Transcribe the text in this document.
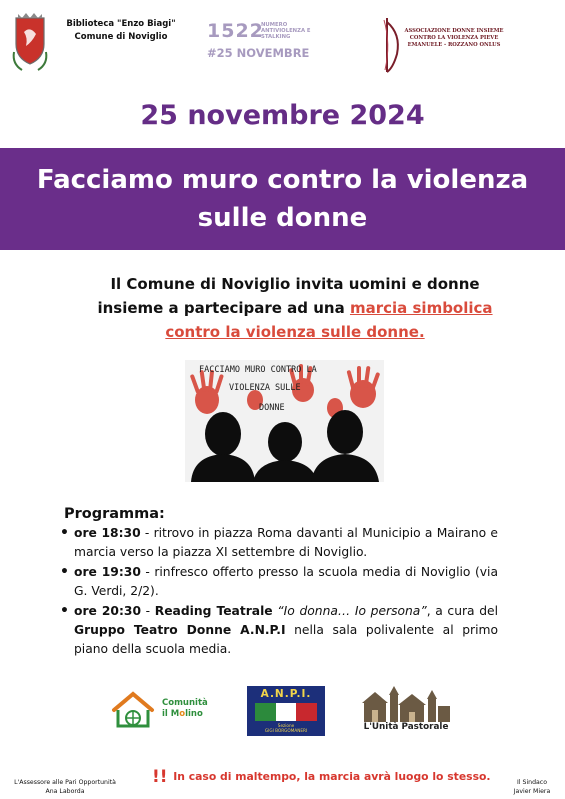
Biblioteca "Enzo Biagi"
Comune di Noviglio	1522
NUMERO ANTIVIOLENZA E STALKING
#25 NOVEMBRE
ASSOCIAZIONE DONNE INSIEME CONTRO LA VIOLENZA PIEVE EMANUELE - ROZZANO ONLUS
25 novembre 2024
Facciamo muro contro la violenza
sulle donne
Il Comune di Noviglio invita uomini e donne
insieme a partecipare ad una marcia simbolica
contro la violenza sulle donne.
FACCIAMO MURO CONTRO LA
VIOLENZA SULLE
DONNE
Programma:
• ore 18:30 - ritrovo in piazza Roma davanti al Municipio a Mairano e marcia verso la piazza XI settembre di Noviglio.
• ore 19:30 - rinfresco offerto presso la scuola media di Noviglio (via G. Verdi, 2/2).
• ore 20:30 - Reading Teatrale “Io donna… Io persona”, a cura del Gruppo Teatro Donne A.N.P.I nella sala polivalente al primo piano della scuola media.
Comunità
il Molino
A.N.P.I.
Sezione
GIGI BORGOMANERI	L'Unità Pastorale
L'Assessore alle Pari Opportunità
Ana Laborda
!! In caso di maltempo, la marcia avrà luogo lo stesso.	Il Sindaco
Javier Miera
